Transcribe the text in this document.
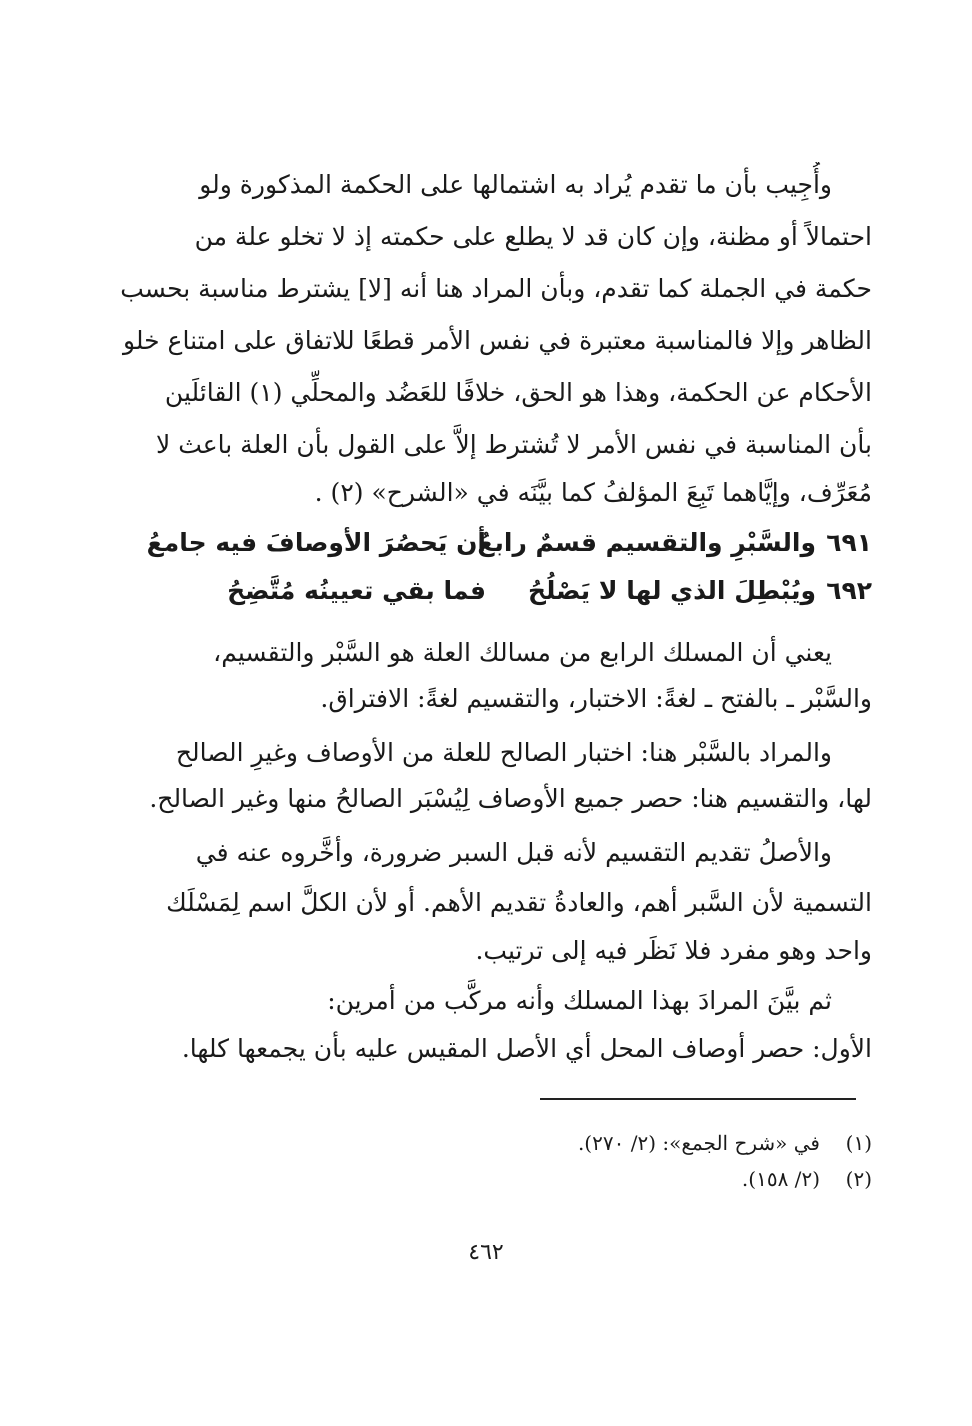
وأُجِيب بأن ما تقدم يُراد به اشتمالها على الحكمة المذكورة ولو
احتمالاً أو مظنة، وإن كان قد لا يطلع على حكمته إذ لا تخلو علة من
حكمة في الجملة كما تقدم، وبأن المراد هنا أنه [لا] يشترط مناسبة بحسب
الظاهر وإلا فالمناسبة معتبرة في نفس الأمر قطعًا للاتفاق على امتناع خلو
الأحكام عن الحكمة، وهذا هو الحق، خلافًا للعَضُد والمحلِّي (١) القائلَين
بأن المناسبة في نفس الأمر لا تُشترط إلاَّ على القول بأن العلة باعث لا
مُعَرِّف، وإيَّاهما تَبِعَ المؤلفُ كما بيَّنَه في «الشرح» (٢) .
٦٩١والسَّبْرِ والتقسيم قسمٌ رابعُأن يَحصُرَ الأوصافَ فيه جامعُ
٦٩٢ويُبْطِلَ الذي لها لا يَصْلُحُفما بقي تعيينُه مُتَّضِحُ
يعني أن المسلك الرابع من مسالك العلة هو السَّبْر والتقسيم،
والسَّبْر ـ بالفتح ـ لغةً: الاختبار، والتقسيم لغةً: الافتراق.
والمراد بالسَّبْر هنا: اختبار الصالح للعلة من الأوصاف وغيرِ الصالح
لها، والتقسيم هنا: حصر جميع الأوصاف لِيُسْبَر الصالحُ منها وغير الصالح.
والأصلُ تقديم التقسيم لأنه قبل السبر ضرورة، وأخَّروه عنه في
التسمية لأن السَّبر أهم، والعادةُ تقديم الأهم. أو لأن الكلَّ اسم لِمَسْلَك
واحد وهو مفرد فلا نَظَر فيه إلى ترتيب.
ثم بيَّنَ المرادَ بهذا المسلك وأنه مركَّب من أمرين:
الأول: حصر أوصاف المحل أي الأصل المقيس عليه بأن يجمعها كلها.
(١)في «شرح الجمع»: (٢/ ٢٧٠).
(٢)(٢/ ١٥٨).
٤٦٢
